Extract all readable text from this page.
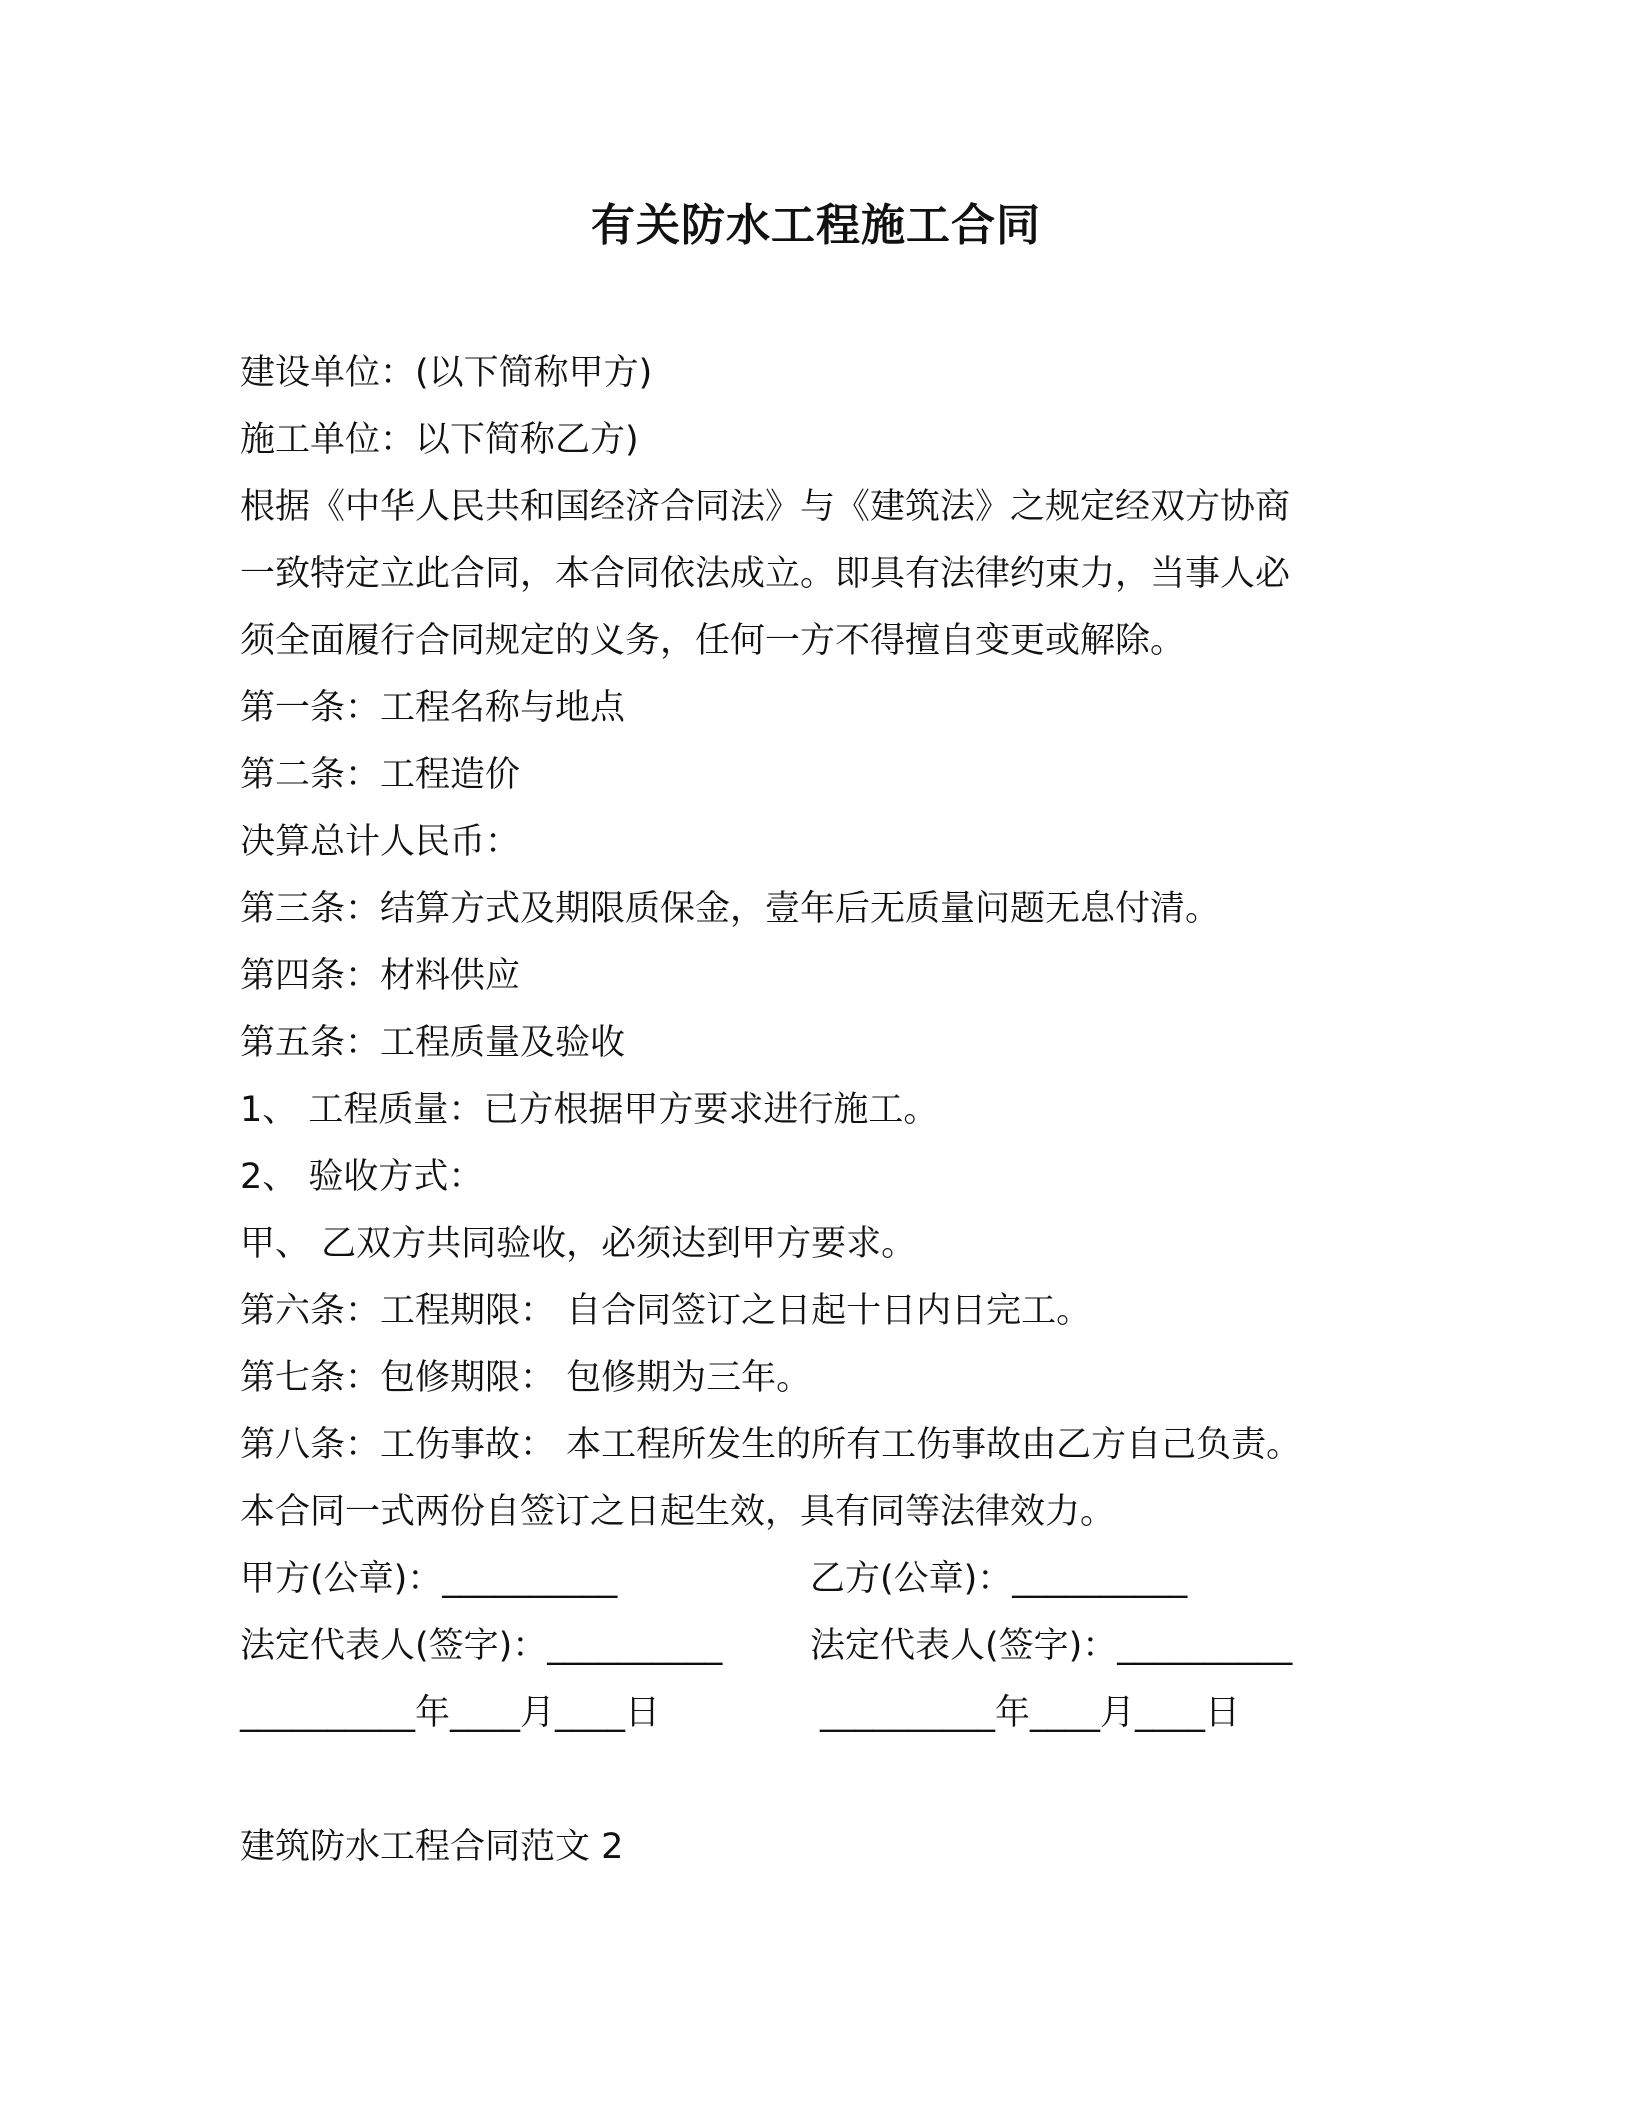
有关防水工程施工合同
建设单位：(以下简称甲方)
施工单位：以下简称乙方)
根据《中华人民共和国经济合同法》与《建筑法》之规定经双方协商
一致特定立此合同，本合同依法成立。即具有法律约束力，当事人必
须全面履行合同规定的义务，任何一方不得擅自变更或解除。
第一条：工程名称与地点
第二条：工程造价
决算总计人民币：
第三条：结算方式及期限质保金，壹年后无质量问题无息付清。
第四条：材料供应
第五条：工程质量及验收
1、 工程质量：已方根据甲方要求进行施工。
2、 验收方式：
甲、 乙双方共同验收，必须达到甲方要求。
第六条：工程期限： 自合同签订之日起十日内日完工。
第七条：包修期限： 包修期为三年。
第八条：工伤事故： 本工程所发生的所有工伤事故由乙方自己负责。
本合同一式两份自签订之日起生效，具有同等法律效力。
甲方(公章)：__________	乙方(公章)：__________
法定代表人(签字)：__________	法定代表人(签字)：__________
__________年____月____日	__________年____月____日
建筑防水工程合同范文 2
